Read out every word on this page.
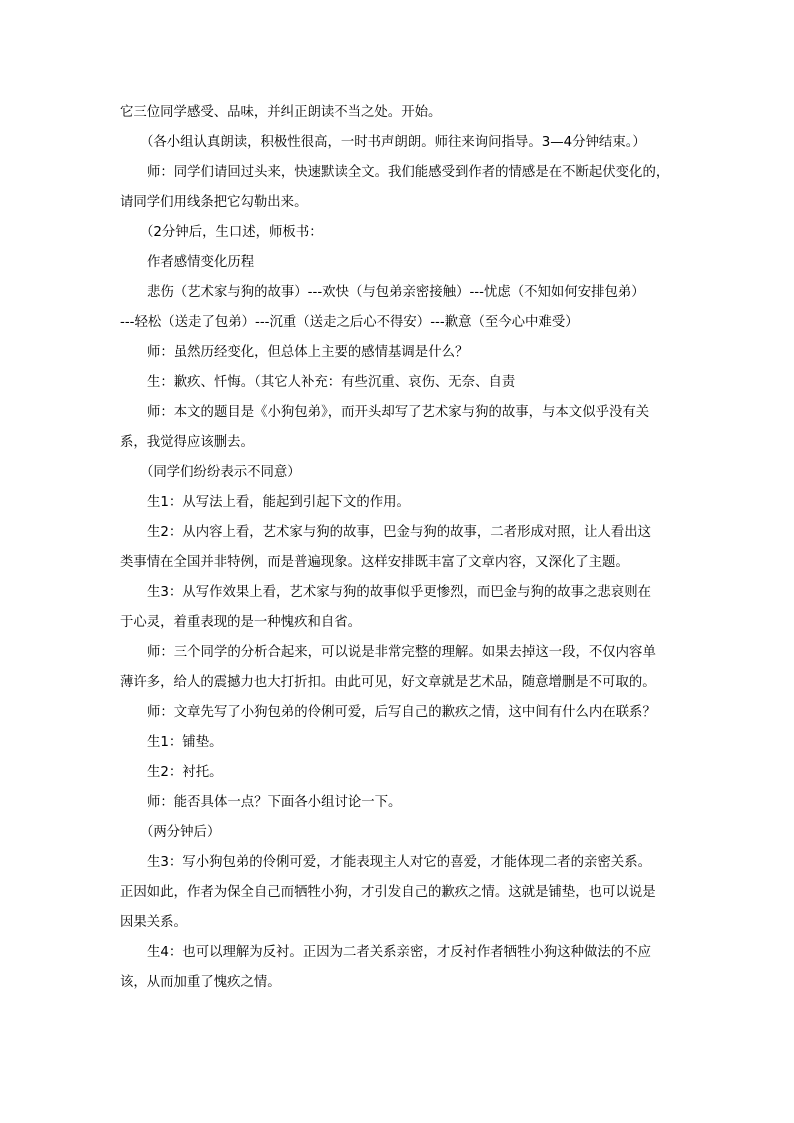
它三位同学感受、品味，并纠正朗读不当之处。开始。
（各小组认真朗读，积极性很高，一时书声朗朗。师往来询问指导。3—4分钟结束。）
师：同学们请回过头来，快速默读全文。我们能感受到作者的情感是在不断起伏变化的，
请同学们用线条把它勾勒出来。
（2分钟后，生口述，师板书：
作者感情变化历程
悲伤（艺术家与狗的故事）---欢快（与包弟亲密接触）---忧虑（不知如何安排包弟）
---轻松（送走了包弟）---沉重（送走之后心不得安）---歉意（至今心中难受）
师：虽然历经变化，但总体上主要的感情基调是什么？
生：歉疚、忏悔。（其它人补充：有些沉重、哀伤、无奈、自责
师：本文的题目是《小狗包弟》，而开头却写了艺术家与狗的故事，与本文似乎没有关
系，我觉得应该删去。
（同学们纷纷表示不同意）
生1：从写法上看，能起到引起下文的作用。
生2：从内容上看，艺术家与狗的故事，巴金与狗的故事，二者形成对照，让人看出这
类事情在全国并非特例，而是普遍现象。这样安排既丰富了文章内容，又深化了主题。
生3：从写作效果上看，艺术家与狗的故事似乎更惨烈，而巴金与狗的故事之悲哀则在
于心灵，着重表现的是一种愧疚和自省。
师：三个同学的分析合起来，可以说是非常完整的理解。如果去掉这一段，不仅内容单
薄许多，给人的震撼力也大打折扣。由此可见，好文章就是艺术品，随意增删是不可取的。
师：文章先写了小狗包弟的伶俐可爱，后写自己的歉疚之情，这中间有什么内在联系？
生1：铺垫。
生2：衬托。
师：能否具体一点？下面各小组讨论一下。
（两分钟后）
生3：写小狗包弟的伶俐可爱，才能表现主人对它的喜爱，才能体现二者的亲密关系。
正因如此，作者为保全自己而牺牲小狗，才引发自己的歉疚之情。这就是铺垫，也可以说是
因果关系。
生4：也可以理解为反衬。正因为二者关系亲密，才反衬作者牺牲小狗这种做法的不应
该，从而加重了愧疚之情。
